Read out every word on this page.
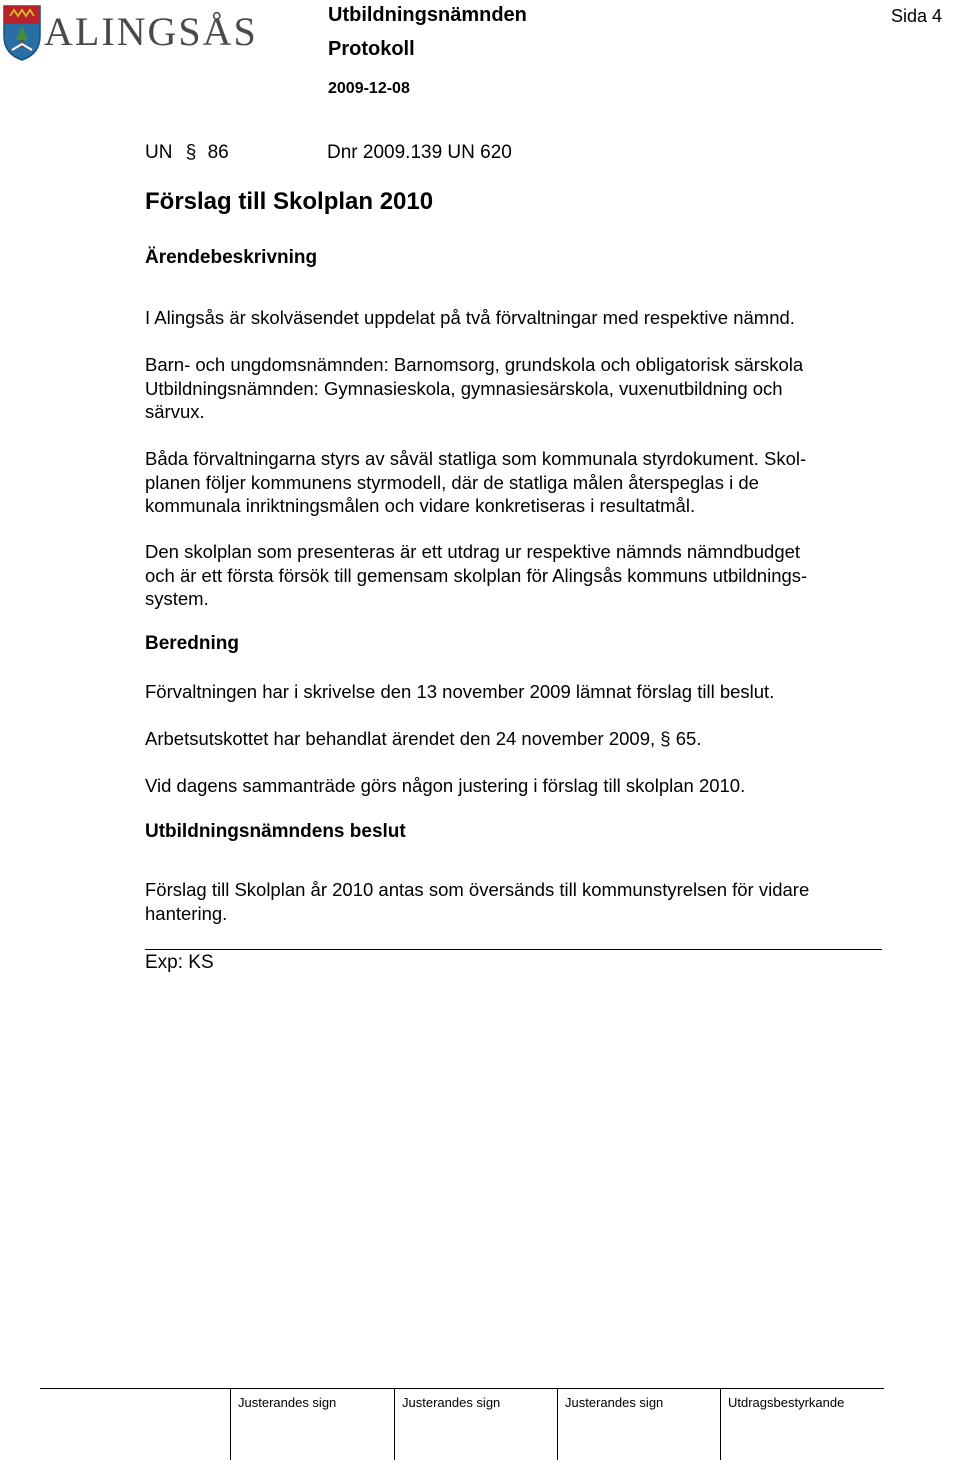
ALINGSÅS	Utbildningsnämnden
Protokoll
2009-12-08
Sida 4
UN § 86	Dnr 2009.139 UN 620
Förslag till Skolplan 2010
Ärendebeskrivning
I Alingsås är skolväsendet uppdelat på två förvaltningar med respektive nämnd.
Barn- och ungdomsnämnden: Barnomsorg, grundskola och obligatorisk särskola
Utbildningsnämnden: Gymnasieskola, gymnasiesärskola, vuxenutbildning och
särvux.
Båda förvaltningarna styrs av såväl statliga som kommunala styrdokument. Skol-
planen följer kommunens styrmodell, där de statliga målen återspeglas i de
kommunala inriktningsmålen och vidare konkretiseras i resultatmål.
Den skolplan som presenteras är ett utdrag ur respektive nämnds nämndbudget
och är ett första försök till gemensam skolplan för Alingsås kommuns utbildnings-
system.
Beredning
Förvaltningen har i skrivelse den 13 november 2009 lämnat förslag till beslut.
Arbetsutskottet har behandlat ärendet den 24 november 2009, § 65.
Vid dagens sammanträde görs någon justering i förslag till skolplan 2010.
Utbildningsnämndens beslut
Förslag till Skolplan år 2010 antas som översänds till kommunstyrelsen för vidare
hantering.
Exp: KS
Justerandes sign	Justerandes sign	Justerandes sign	Utdragsbestyrkande
